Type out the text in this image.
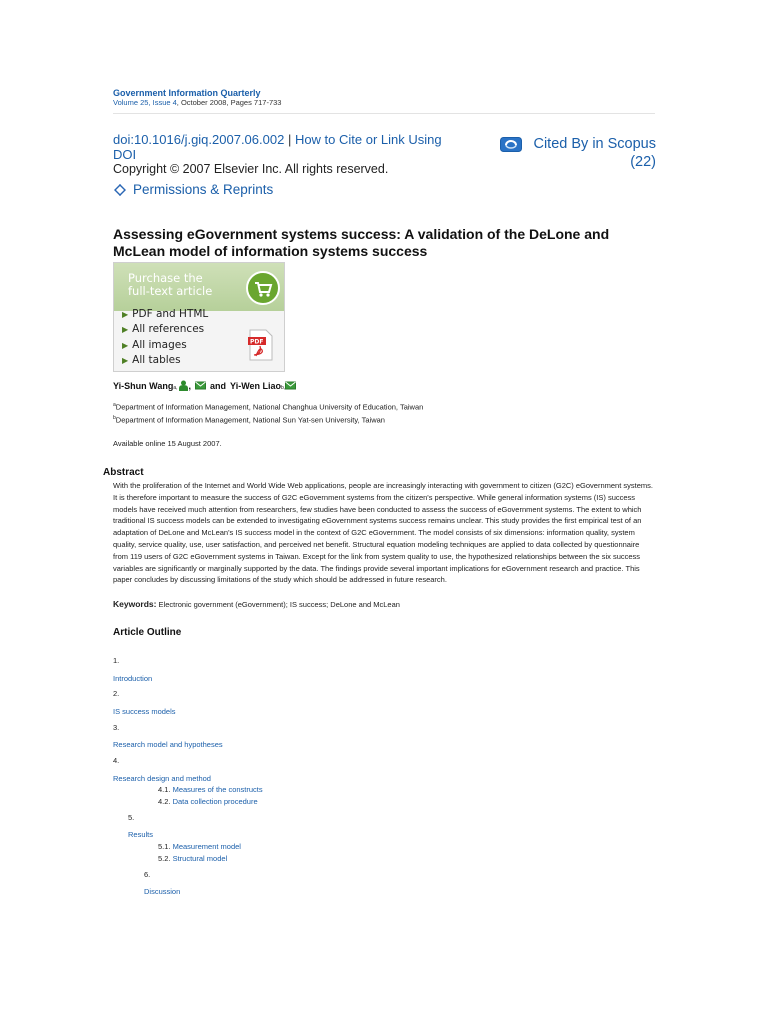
Government Information Quarterly
Volume 25, Issue 4, October 2008, Pages 717-733
doi:10.1016/j.giq.2007.06.002 | How to Cite or Link Using DOI
Copyright © 2007 Elsevier Inc. All rights reserved.
Permissions & Reprints
Cited By in Scopus
(22)
Assessing eGovernment systems success: A validation of the DeLone and McLean model of information systems success
Purchase the
full-text article
▶ PDF and HTML
▶ All references
▶ All images
▶ All tables
PDF
Yi-Shun Wang$_{a,}$ , and Yi-Wen Liao$_{b,}$
$^a$Department of Information Management, National Changhua University of Education, Taiwan
$^b$Department of Information Management, National Sun Yat-sen University, Taiwan
Available online 15 August 2007.
Abstract
With the proliferation of the Internet and World Wide Web applications, people are increasingly interacting with government to citizen (G2C) eGovernment systems. It is therefore important to measure the success of G2C eGovernment systems from the citizen's perspective. While general information systems (IS) success models have received much attention from researchers, few studies have been conducted to assess the success of eGovernment systems. The extent to which traditional IS success models can be extended to investigating eGovernment systems success remains unclear. This study provides the first empirical test of an adaptation of DeLone and McLean's IS success model in the context of G2C eGovernment. The model consists of six dimensions: information quality, system quality, service quality, use, user satisfaction, and perceived net benefit. Structural equation modeling techniques are applied to data collected by questionnaire from 119 users of G2C eGovernment systems in Taiwan. Except for the link from system quality to use, the hypothesized relationships between the six success variables are significantly or marginally supported by the data. The findings provide several important implications for eGovernment research and practice. This paper concludes by discussing limitations of the study which should be addressed in future research.
Keywords: Electronic government (eGovernment); IS success; DeLone and McLean
Article Outline
1.
Introduction
2.
IS success models
3.
Research model and hypotheses
4.
Research design and method
4.1. Measures of the constructs
4.2. Data collection procedure
5.
Results
5.1. Measurement model
5.2. Structural model
6.
Discussion
